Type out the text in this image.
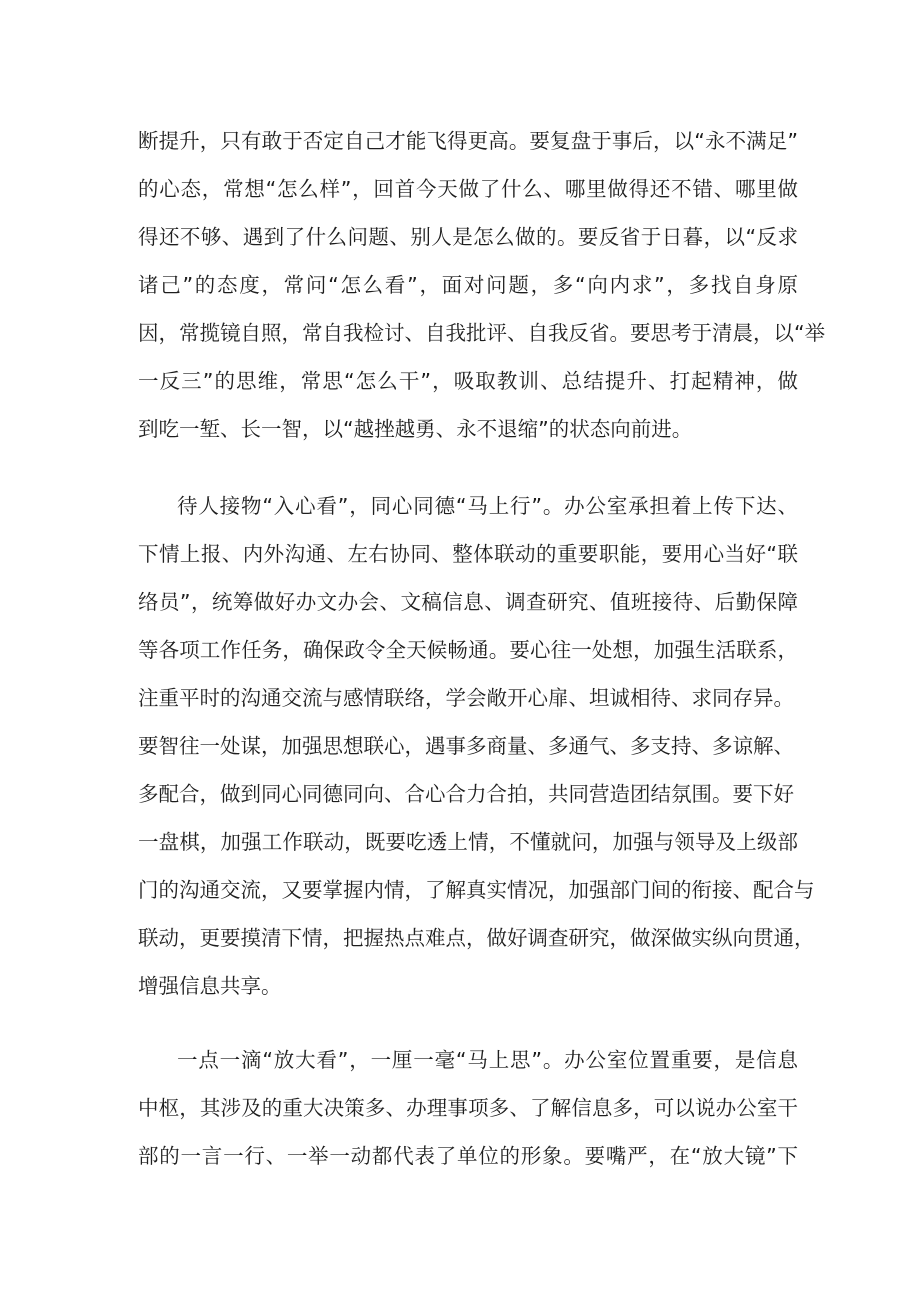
断提升，只有敢于否定自己才能飞得更高。要复盘于事后，以“永不满足”
的心态，常想“怎么样”，回首今天做了什么、哪里做得还不错、哪里做
得还不够、遇到了什么问题、别人是怎么做的。要反省于日暮，以“反求
诸己”的态度，常问“怎么看”，面对问题，多“向内求”，多找自身原
因，常揽镜自照，常自我检讨、自我批评、自我反省。要思考于清晨，以“举
一反三”的思维，常思“怎么干”，吸取教训、总结提升、打起精神，做
到吃一堑、长一智，以“越挫越勇、永不退缩”的状态向前进。
待人接物“入心看”，同心同德“马上行”。办公室承担着上传下达、
下情上报、内外沟通、左右协同、整体联动的重要职能，要用心当好“联
络员”，统筹做好办文办会、文稿信息、调查研究、值班接待、后勤保障
等各项工作任务，确保政令全天候畅通。要心往一处想，加强生活联系，
注重平时的沟通交流与感情联络，学会敞开心扉、坦诚相待、求同存异。
要智往一处谋，加强思想联心，遇事多商量、多通气、多支持、多谅解、
多配合，做到同心同德同向、合心合力合拍，共同营造团结氛围。要下好
一盘棋，加强工作联动，既要吃透上情，不懂就问，加强与领导及上级部
门的沟通交流，又要掌握内情，了解真实情况，加强部门间的衔接、配合与
联动，更要摸清下情，把握热点难点，做好调查研究，做深做实纵向贯通，
增强信息共享。
一点一滴“放大看”，一厘一毫“马上思”。办公室位置重要，是信息
中枢，其涉及的重大决策多、办理事项多、了解信息多，可以说办公室干
部的一言一行、一举一动都代表了单位的形象。要嘴严，在“放大镜”下
